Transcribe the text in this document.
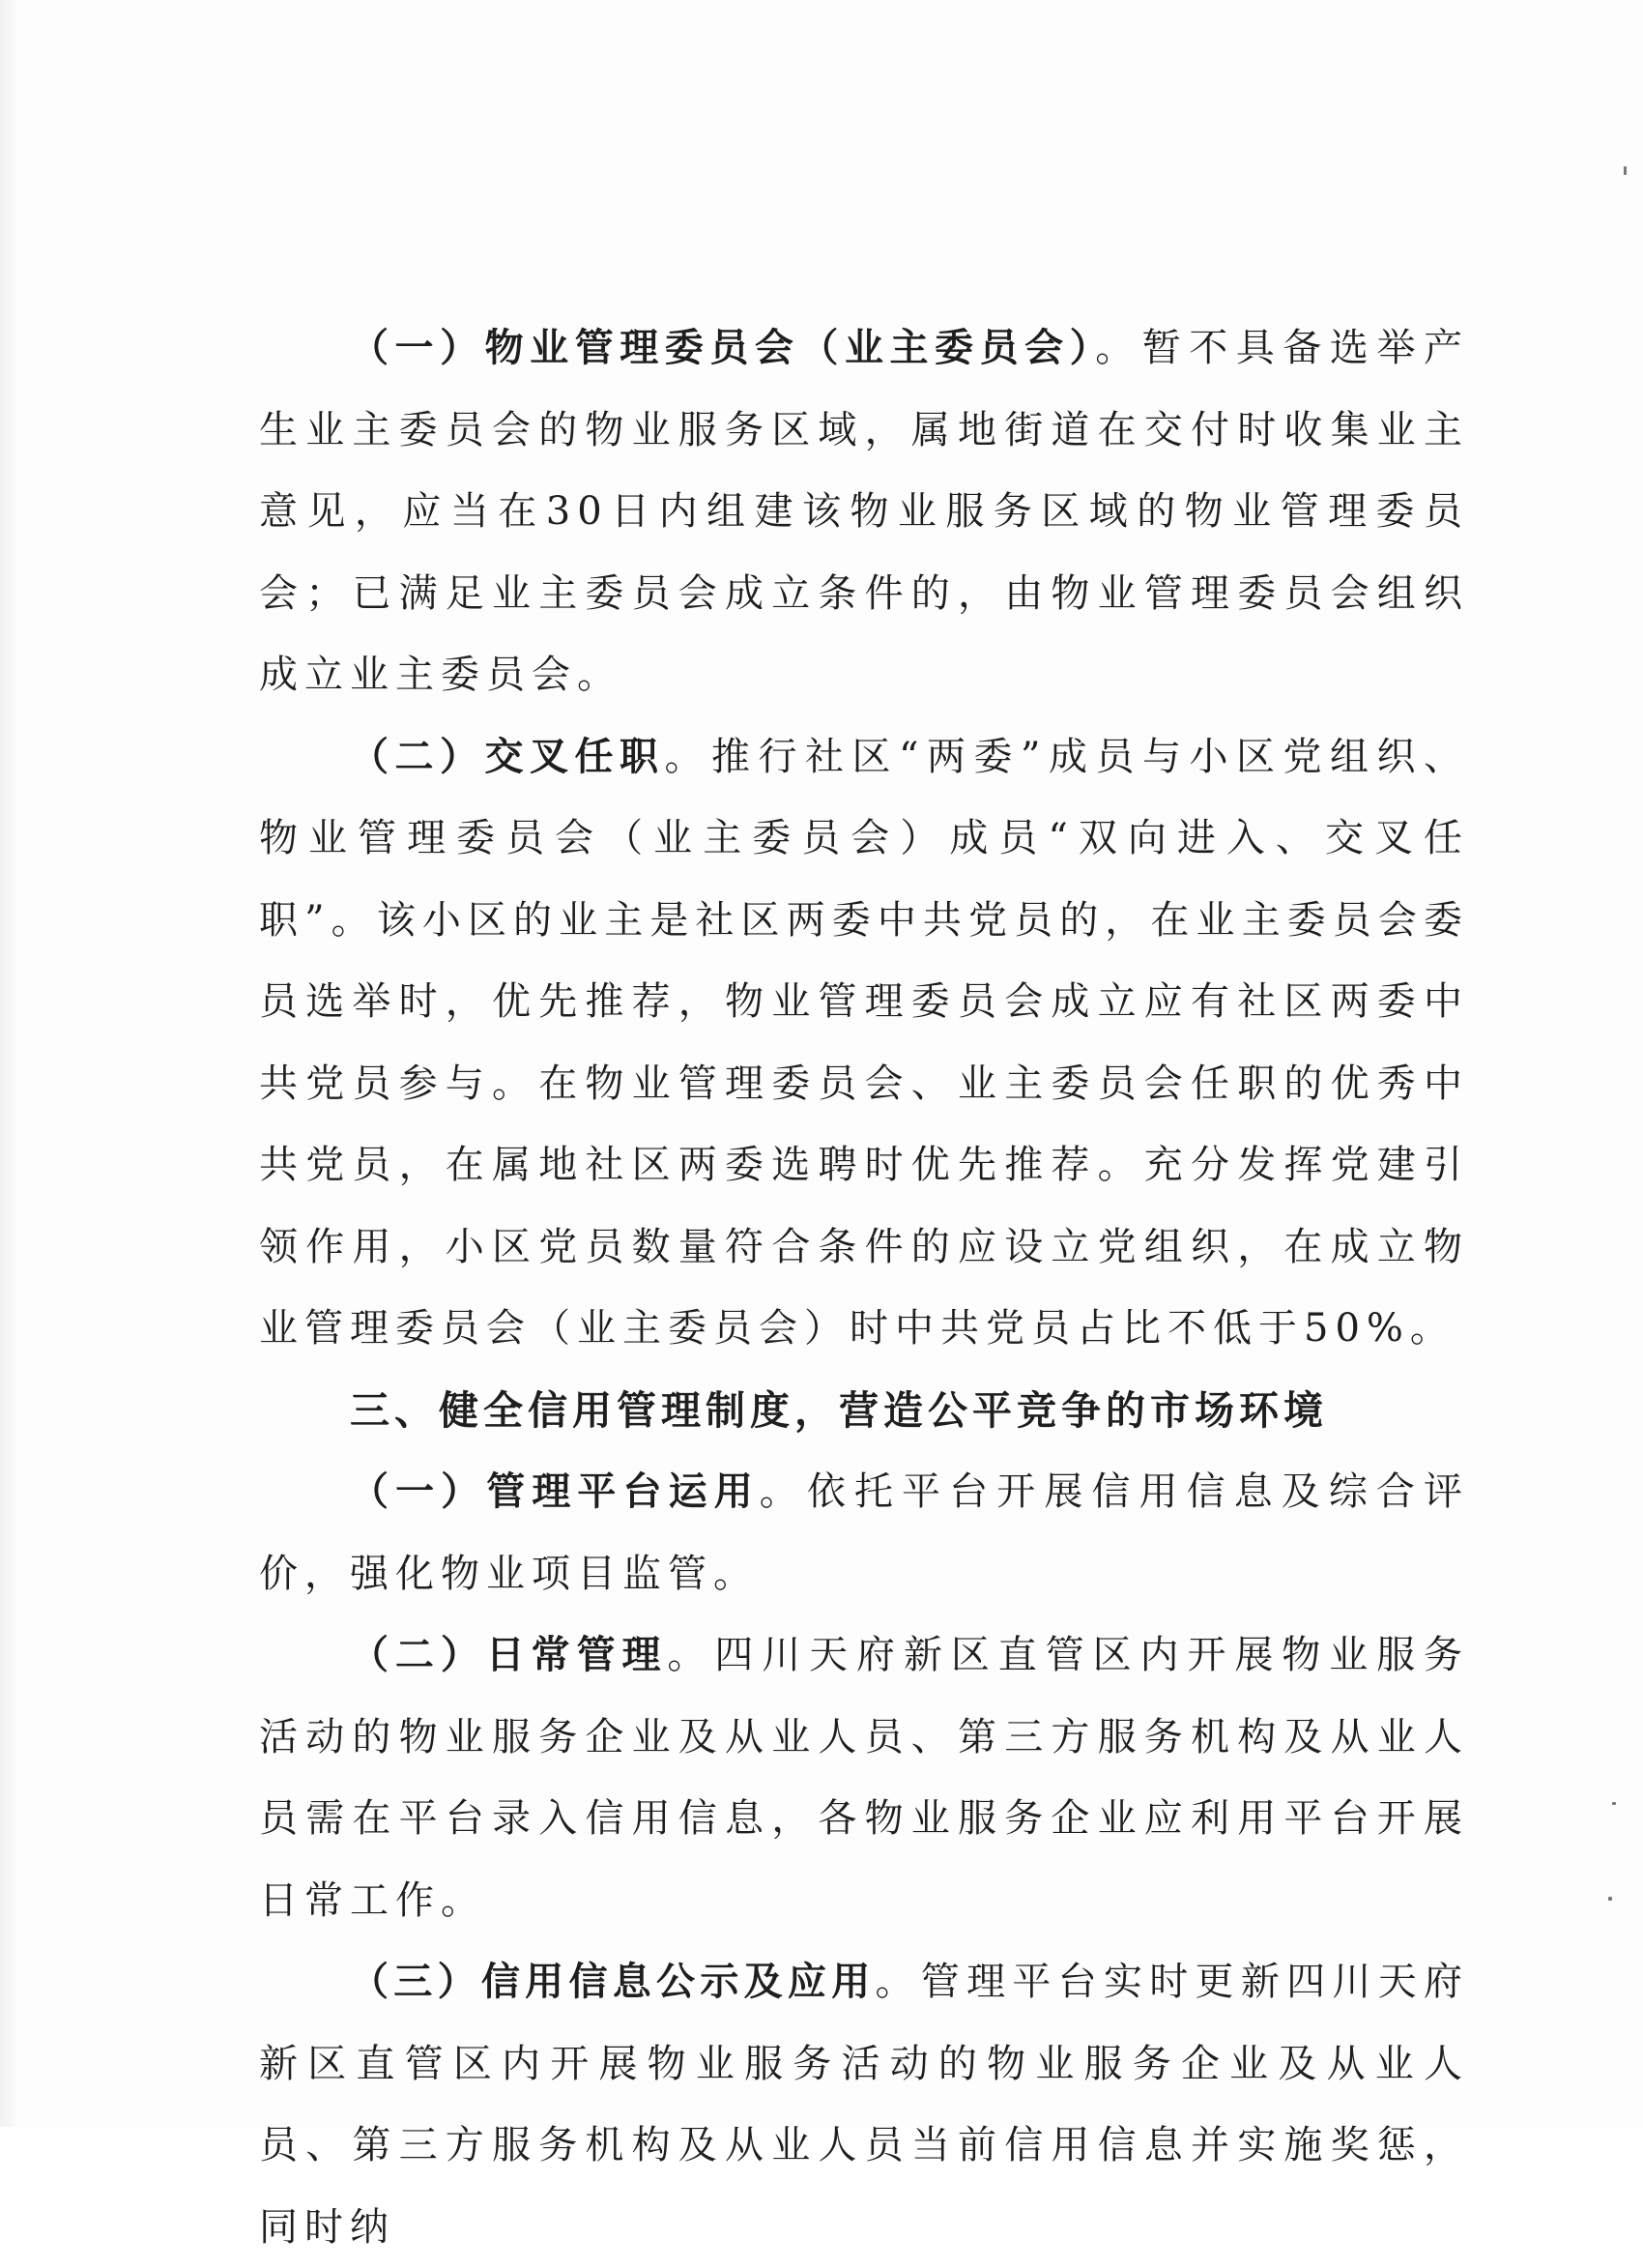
（一）物业管理委员会（业主委员会）。暂不具备选举产生业主委员会的物业服务区域，属地街道在交付时收集业主意见，应当在30日内组建该物业服务区域的物业管理委员会；已满足业主委员会成立条件的，由物业管理委员会组织成立业主委员会。

（二）交叉任职。推行社区“两委”成员与小区党组织、物业管理委员会（业主委员会）成员“双向进入、交叉任职”。该小区的业主是社区两委中共党员的，在业主委员会委员选举时，优先推荐，物业管理委员会成立应有社区两委中共党员参与。在物业管理委员会、业主委员会任职的优秀中共党员，在属地社区两委选聘时优先推荐。充分发挥党建引领作用，小区党员数量符合条件的应设立党组织，在成立物业管理委员会（业主委员会）时中共党员占比不低于50%。

三、健全信用管理制度，营造公平竞争的市场环境

（一）管理平台运用。依托平台开展信用信息及综合评价，强化物业项目监管。

（二）日常管理。四川天府新区直管区内开展物业服务活动的物业服务企业及从业人员、第三方服务机构及从业人员需在平台录入信用信息，各物业服务企业应利用平台开展日常工作。

（三）信用信息公示及应用。管理平台实时更新四川天府新区直管区内开展物业服务活动的物业服务企业及从业人员、第三方服务机构及从业人员当前信用信息并实施奖惩，同时纳
